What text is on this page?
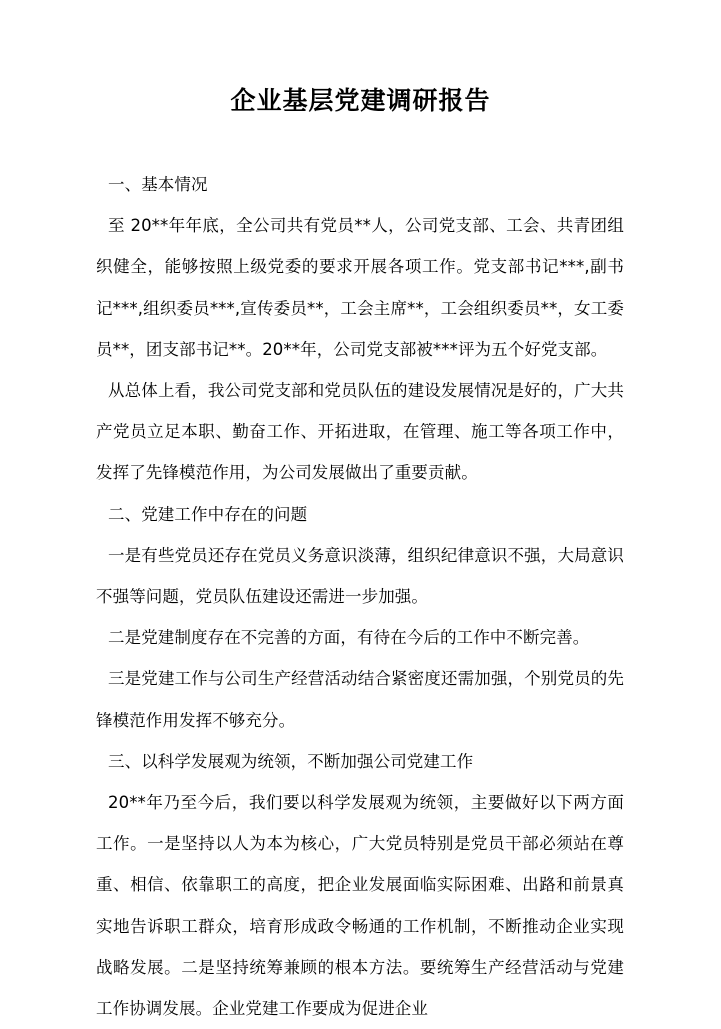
企业基层党建调研报告

一、基本情况

至 20**年年底，全公司共有党员**人，公司党支部、工会、共青团组织健全，能够按照上级党委的要求开展各项工作。党支部书记***,副书记***,组织委员***,宣传委员**，工会主席**，工会组织委员**，女工委员**，团支部书记**。20**年，公司党支部被***评为五个好党支部。

从总体上看，我公司党支部和党员队伍的建设发展情况是好的，广大共产党员立足本职、勤奋工作、开拓进取，在管理、施工等各项工作中，发挥了先锋模范作用，为公司发展做出了重要贡献。

二、党建工作中存在的问题

一是有些党员还存在党员义务意识淡薄，组织纪律意识不强，大局意识不强等问题，党员队伍建设还需进一步加强。

二是党建制度存在不完善的方面，有待在今后的工作中不断完善。

三是党建工作与公司生产经营活动结合紧密度还需加强，个别党员的先锋模范作用发挥不够充分。

三、以科学发展观为统领，不断加强公司党建工作

20**年乃至今后，我们要以科学发展观为统领，主要做好以下两方面工作。一是坚持以人为本为核心，广大党员特别是党员干部必须站在尊重、相信、依靠职工的高度，把企业发展面临实际困难、出路和前景真实地告诉职工群众，培育形成政令畅通的工作机制，不断推动企业实现战略发展。二是坚持统筹兼顾的根本方法。要统筹生产经营活动与党建工作协调发展。企业党建工作要成为促进企业
